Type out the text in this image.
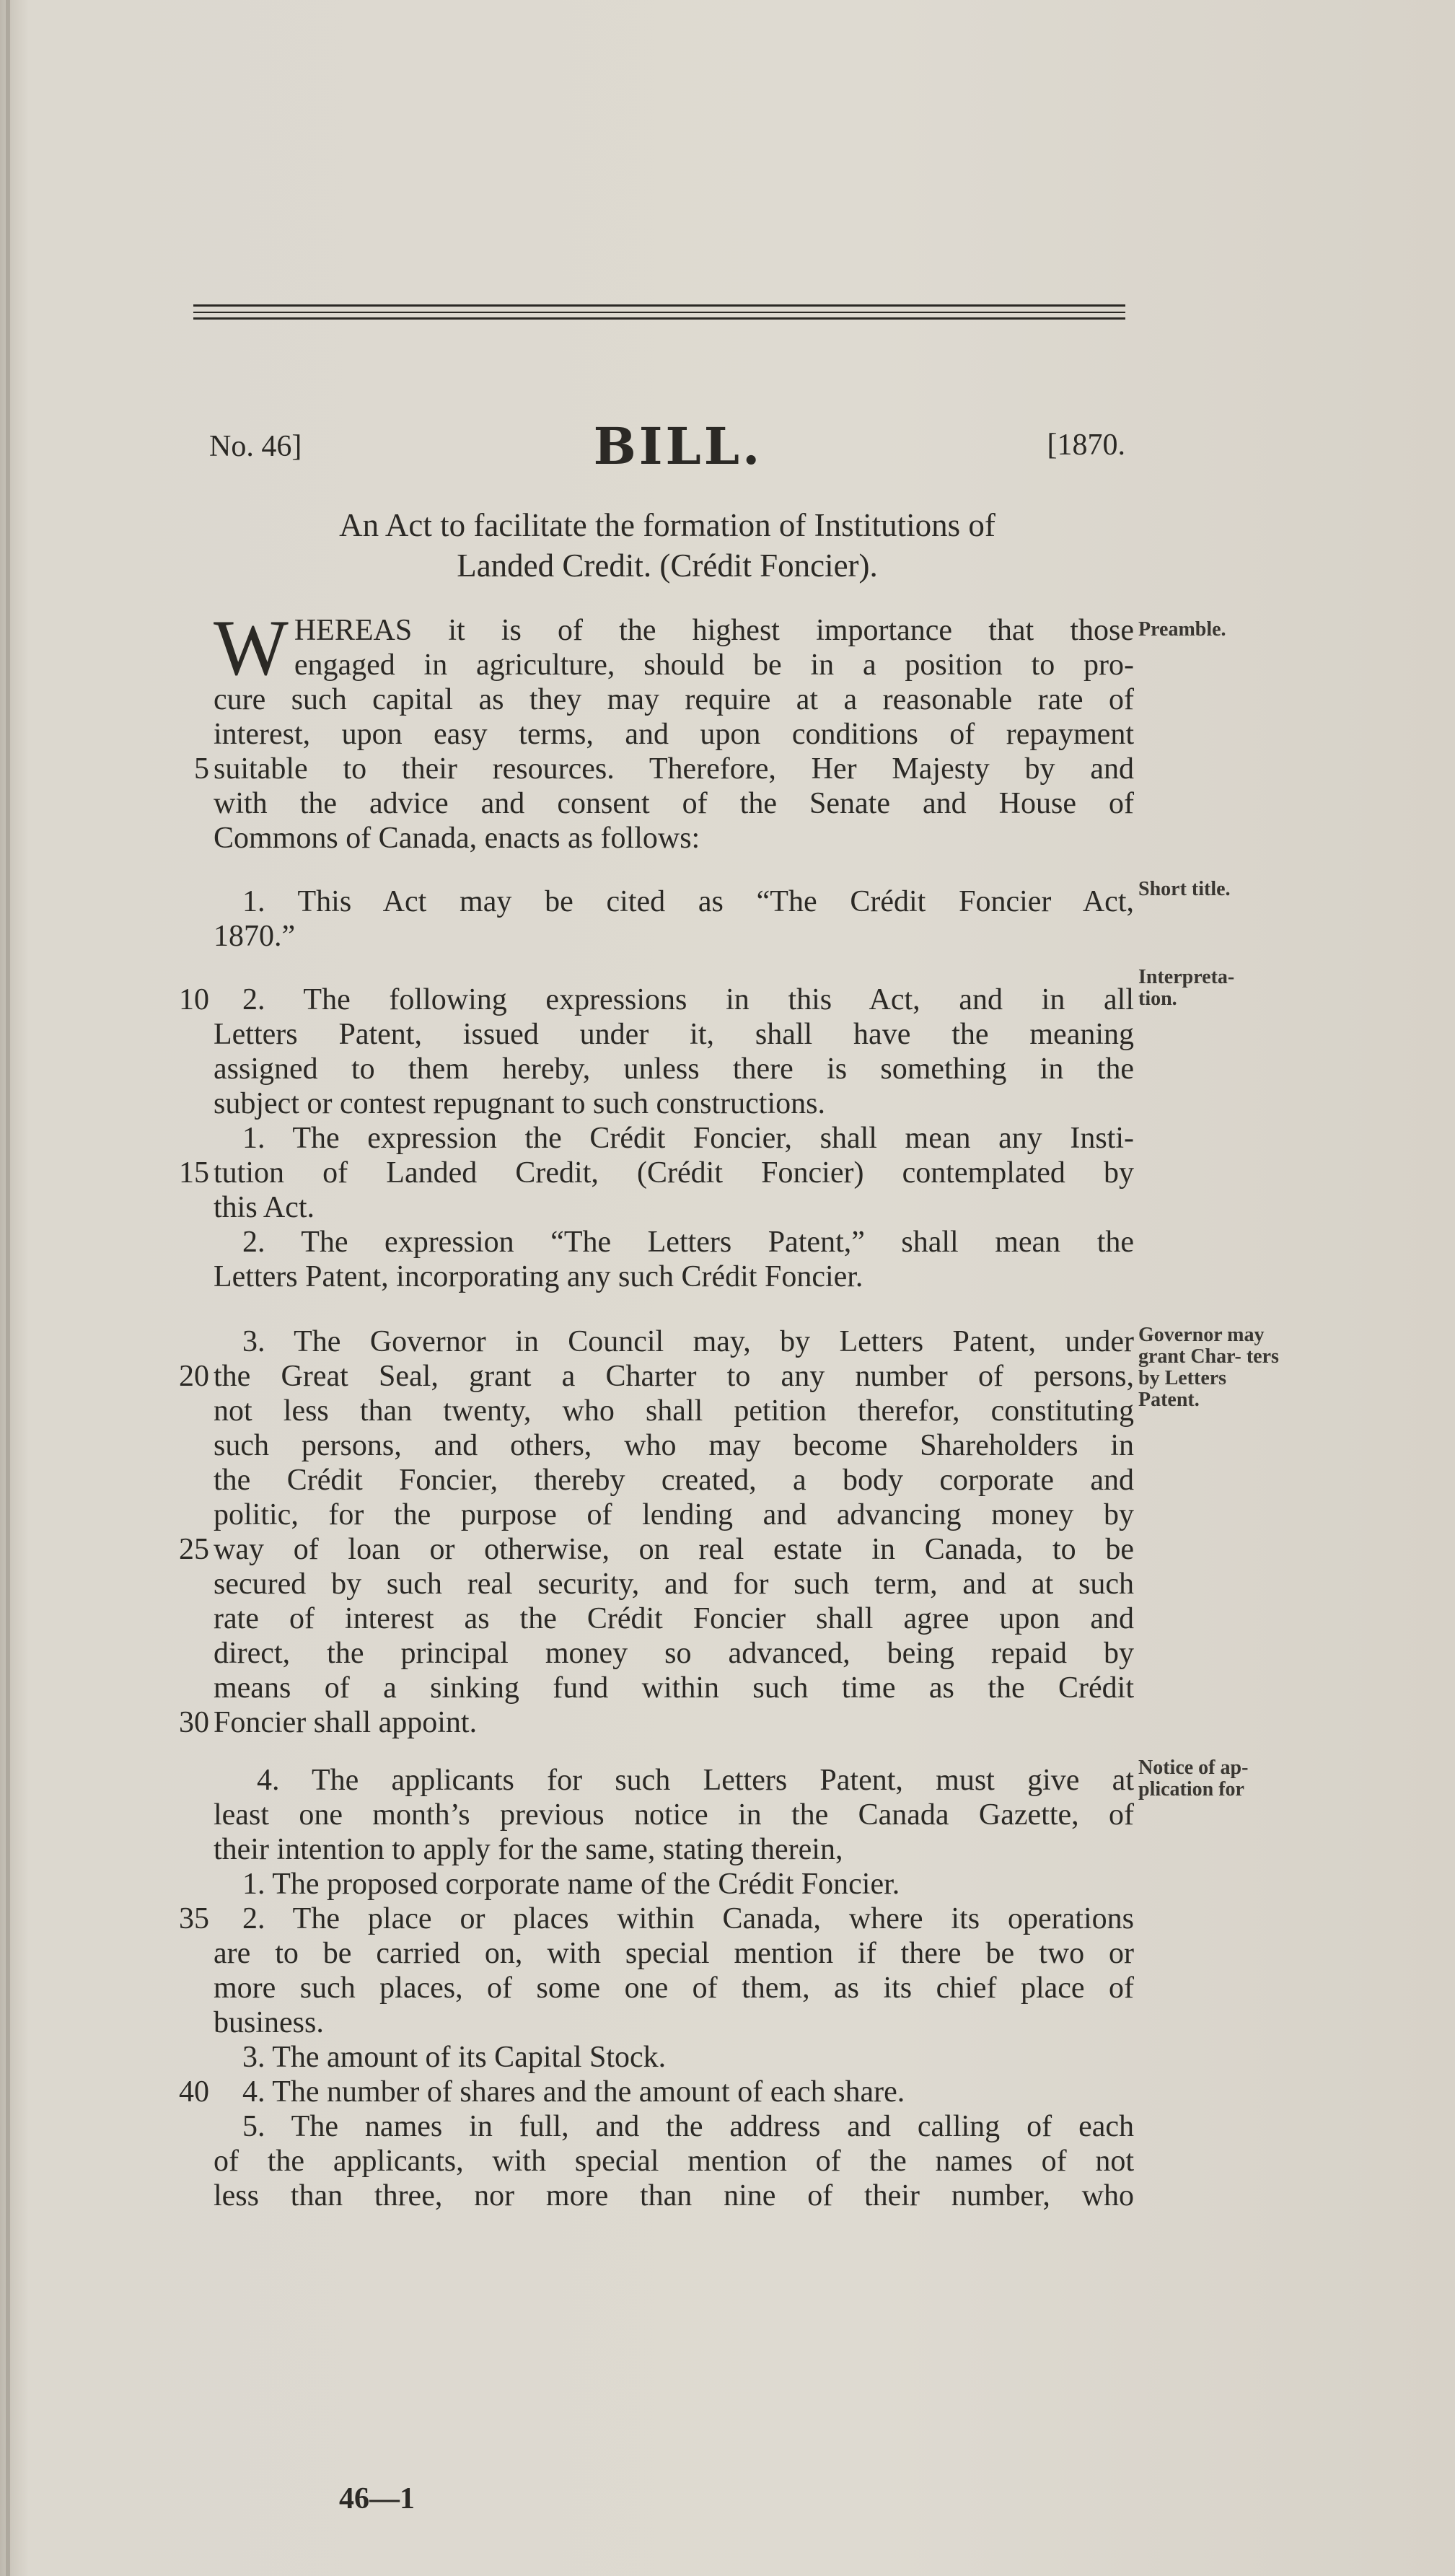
No. 46]	BILL.	[1870.
An Act to facilitate the formation of Institutions of
Landed Credit. (Crédit Foncier).
W HEREAS it is of the highest importance that those
engaged in agriculture, should be in a position to pro-
cure such capital as they may require at a reasonable rate of
interest, upon easy terms, and upon conditions of repayment
suitable to their resources. Therefore, Her Majesty by and
with the advice and consent of the Senate and House of
Commons of Canada, enacts as follows:
Preamble.
5
1. This Act may be cited as “The Crédit Foncier Act,
1870.”
Short title.
2. The following expressions in this Act, and in all
Letters Patent, issued under it, shall have the meaning
assigned to them hereby, unless there is something in the
subject or contest repugnant to such constructions.
1. The expression the Crédit Foncier, shall mean any Insti-
tution of Landed Credit, (Crédit Foncier) contemplated by
this Act.
2. The expression “The Letters Patent,” shall mean the
Letters Patent, incorporating any such Crédit Foncier.
Interpreta- tion.
10
15
3. The Governor in Council may, by Letters Patent, under
the Great Seal, grant a Charter to any number of persons,
not less than twenty, who shall petition therefor, constituting
such persons, and others, who may become Shareholders in
the Crédit Foncier, thereby created, a body corporate and
politic, for the purpose of lending and advancing money by
way of loan or otherwise, on real estate in Canada, to be
secured by such real security, and for such term, and at such
rate of interest as the Crédit Foncier shall agree upon and
direct, the principal money so advanced, being repaid by
means of a sinking fund within such time as the Crédit
Foncier shall appoint.
Governor may grant Char- ters by Letters Patent.
20
25
30
4. The applicants for such Letters Patent, must give at
least one month’s previous notice in the Canada Gazette, of
their intention to apply for the same, stating therein,
1. The proposed corporate name of the Crédit Foncier.
2. The place or places within Canada, where its operations
are to be carried on, with special mention if there be two or
more such places, of some one of them, as its chief place of
business.
3. The amount of its Capital Stock.
4. The number of shares and the amount of each share.
5. The names in full, and the address and calling of each
of the applicants, with special mention of the names of not
less than three, nor more than nine of their number, who
Notice of ap- plication for
35
40
46—1
